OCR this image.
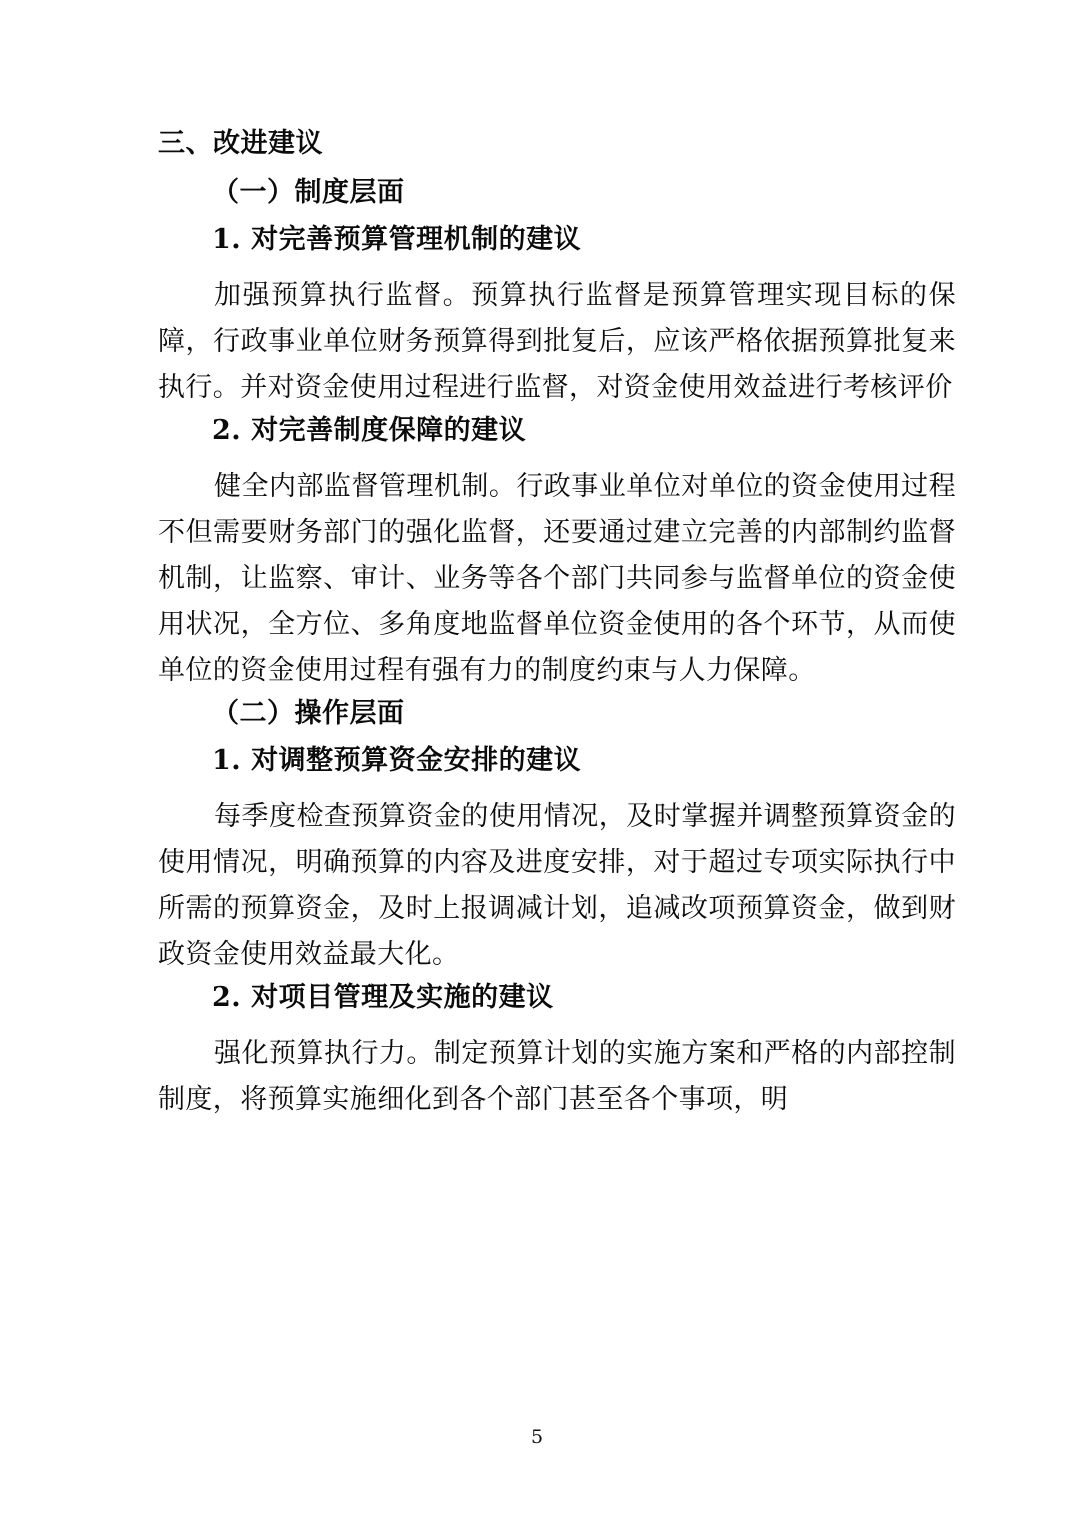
三、改进建议
（一）制度层面
1. 对完善预算管理机制的建议

加强预算执行监督。预算执行监督是预算管理实现目标的保障，行政事业单位财务预算得到批复后，应该严格依据预算批复来执行。并对资金使用过程进行监督，对资金使用效益进行考核评价

2. 对完善制度保障的建议

健全内部监督管理机制。行政事业单位对单位的资金使用过程不但需要财务部门的强化监督，还要通过建立完善的内部制约监督机制，让监察、审计、业务等各个部门共同参与监督单位的资金使用状况，全方位、多角度地监督单位资金使用的各个环节，从而使单位的资金使用过程有强有力的制度约束与人力保障。

（二）操作层面
1. 对调整预算资金安排的建议

每季度检查预算资金的使用情况，及时掌握并调整预算资金的使用情况，明确预算的内容及进度安排，对于超过专项实际执行中所需的预算资金，及时上报调减计划，追减改项预算资金，做到财政资金使用效益最大化。

2. 对项目管理及实施的建议

强化预算执行力。制定预算计划的实施方案和严格的内部控制制度，将预算实施细化到各个部门甚至各个事项，明

5
